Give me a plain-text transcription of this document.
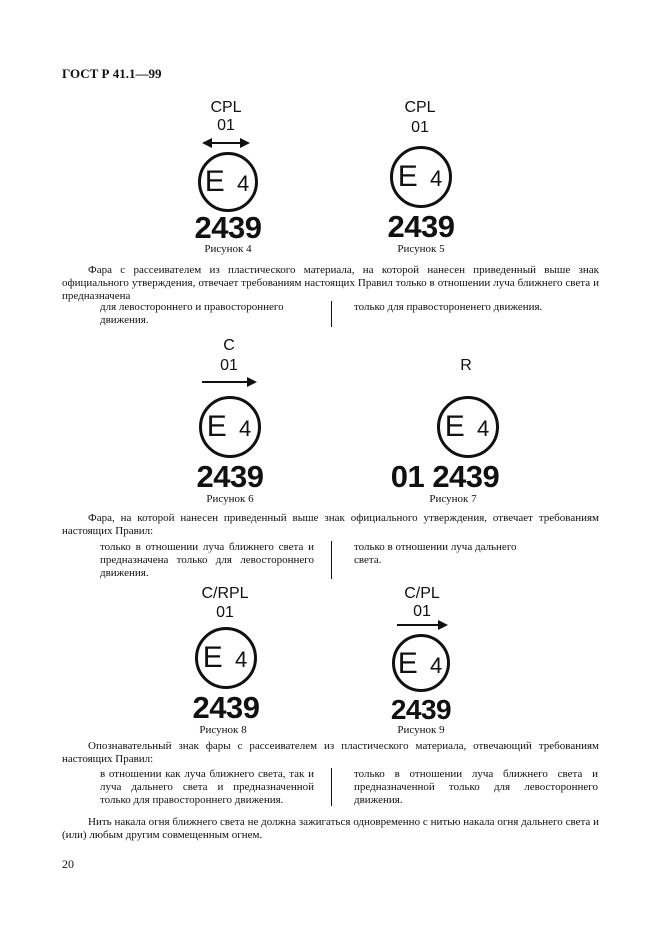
ГОСТ Р 41.1—99
CPL
01
E 4
2439
Рисунок 4
CPL
01
E 4
2439
Рисунок 5
Фара с рассеивателем из пластического материала, на которой нанесен приведенный выше знак официального утверждения, отвечает требованиям настоящих Правил только в отношении луча ближнего света и предназначена
для левостороннего и правостороннего движения.
только для правостороненего движения.
C
01
E 4
2439
Рисунок 6
R
E 4
01 2439
Рисунок 7
Фара, на которой нанесен приведенный выше знак официального утверждения, отвечает требованиям настоящих Правил:
только в отношении луча ближнего света и предназначена только для левостороннего движения.
только в отношении луча дальнего света.
C/RPL
01
E 4
2439
Рисунок 8
C/PL
01
E 4
2439
Рисунок 9
Опознавательный знак фары с рассеивателем из пластического материала, отвечающий требованиям настоящих Правил:
в отношении как луча ближнего света, так и луча дальнего света и предназначенной только для правостороннего движения.
только в отношении луча ближнего света и предназначенной только для левостороннего движения.
Нить накала огня ближнего света не должна зажигаться одновременно с нитью накала огня дальнего света и (или) любым другим совмещенным огнем.
20
